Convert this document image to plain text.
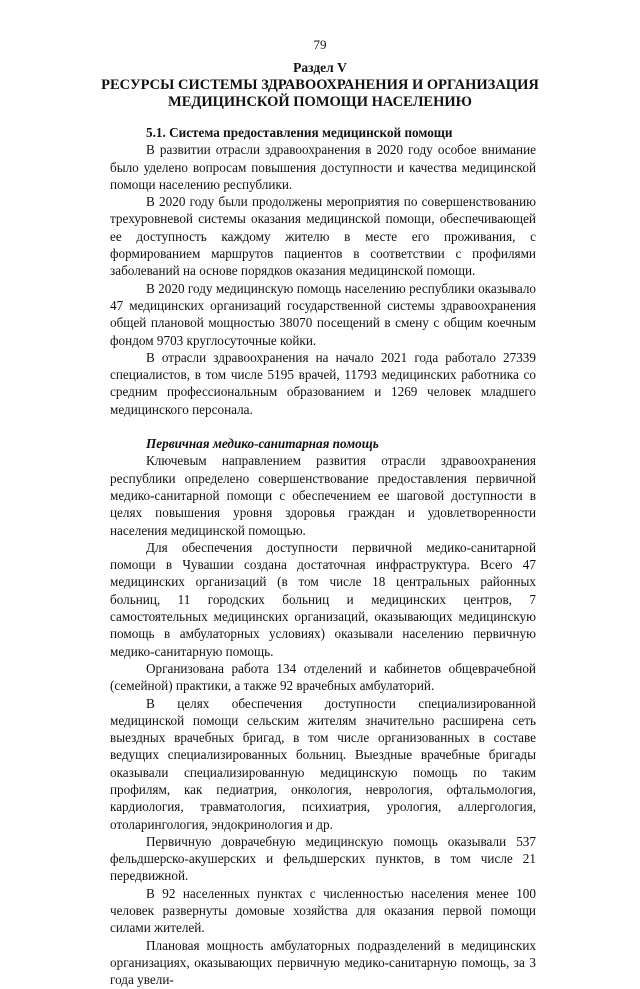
79
Раздел V
РЕСУРСЫ СИСТЕМЫ ЗДРАВООХРАНЕНИЯ И ОРГАНИЗАЦИЯ МЕДИЦИНСКОЙ ПОМОЩИ НАСЕЛЕНИЮ
5.1. Система предоставления медицинской помощи

В развитии отрасли здравоохранения в 2020 году особое внимание было уделено вопросам повышения доступности и качества медицинской помощи населению республики.

В 2020 году были продолжены мероприятия по совершенствованию трехуровневой системы оказания медицинской помощи, обеспечивающей ее доступность каждому жителю в месте его проживания, с формированием маршрутов пациентов в соответствии с профилями заболеваний на основе порядков оказания медицинской помощи.

В 2020 году медицинскую помощь населению республики оказывало 47 медицинских организаций государственной системы здравоохранения общей плановой мощностью 38070 посещений в смену с общим коечным фондом 9703 круглосуточные койки.

В отрасли здравоохранения на начало 2021 года работало 27339 специалистов, в том числе 5195 врачей, 11793 медицинских работника со средним профессиональным образованием и 1269 человек младшего медицинского персонала.

Первичная медико-санитарная помощь

Ключевым направлением развития отрасли здравоохранения республики определено совершенствование предоставления первичной медико-санитарной помощи с обеспечением ее шаговой доступности в целях повышения уровня здоровья граждан и удовлетворенности населения медицинской помощью.

Для обеспечения доступности первичной медико-санитарной помощи в Чувашии создана достаточная инфраструктура. Всего 47 медицинских организаций (в том числе 18 центральных районных больниц, 11 городских больниц и медицинских центров, 7 самостоятельных медицинских организаций, оказывающих медицинскую помощь в амбулаторных условиях) оказывали населению первичную медико-санитарную помощь.

Организована работа 134 отделений и кабинетов общеврачебной (семейной) практики, а также 92 врачебных амбулаторий.

В целях обеспечения доступности специализированной медицинской помощи сельским жителям значительно расширена сеть выездных врачебных бригад, в том числе организованных в составе ведущих специализированных больниц. Выездные врачебные бригады оказывали специализированную медицинскую помощь по таким профилям, как педиатрия, онкология, неврология, офтальмология, кардиология, травматология, психиатрия, урология, аллергология, отоларингология, эндокринология и др.

Первичную доврачебную медицинскую помощь оказывали 537 фельдшерско-акушерских и фельдшерских пунктов, в том числе 21 передвижной.

В 92 населенных пунктах с численностью населения менее 100 человек развернуты домовые хозяйства для оказания первой помощи силами жителей.

Плановая мощность амбулаторных подразделений в медицинских организациях, оказывающих первичную медико-санитарную помощь, за 3 года увели-
